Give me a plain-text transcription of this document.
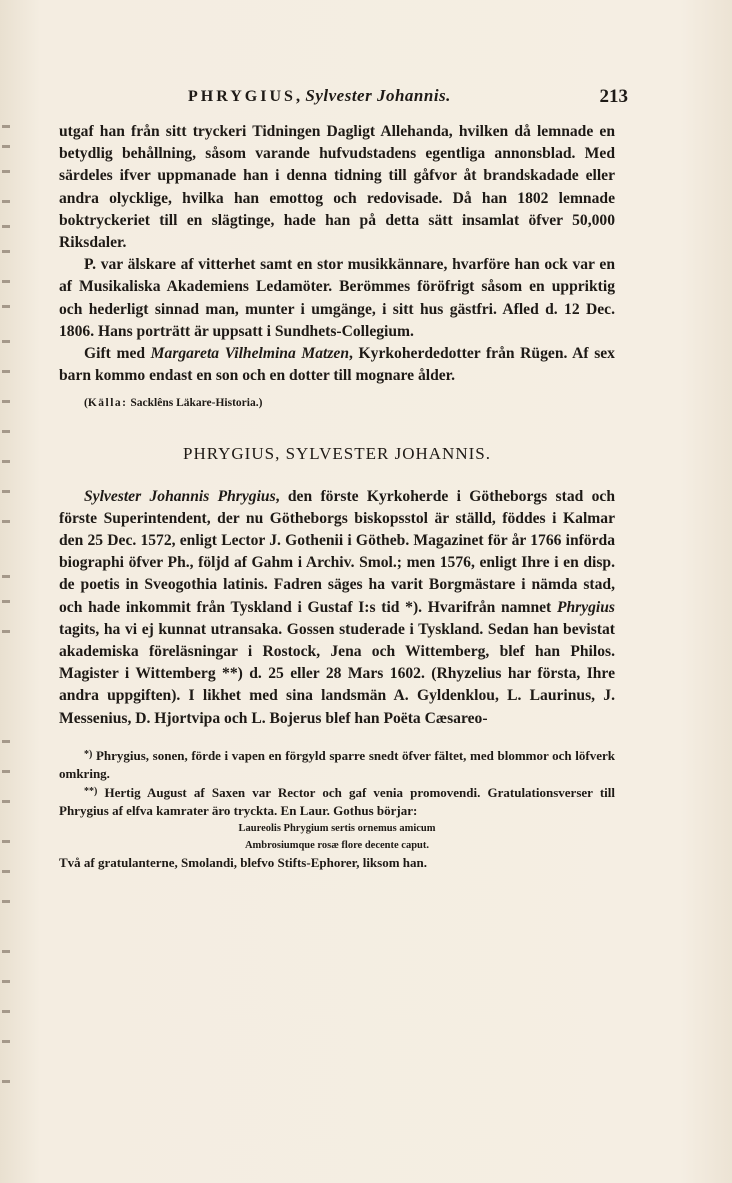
PHRYGIUS, Sylvester Johannis.	213

utgaf han från sitt tryckeri Tidningen Dagligt Allehanda, hvilken då lemnade en betydlig behållning, såsom varande hufvudstadens egentliga annonsblad. Med särdeles ifver uppmanade han i denna tidning till gåfvor åt brandskadade eller andra olycklige, hvilka han emottog och redovisade. Då han 1802 lemnade boktryckeriet till en slägtinge, hade han på detta sätt insamlat öfver 50,000 Riksdaler.

P. var älskare af vitterhet samt en stor musikkännare, hvarföre han ock var en af Musikaliska Akademiens Ledamöter. Berömmes föröfrigt såsom en uppriktig och hederligt sinnad man, munter i umgänge, i sitt hus gästfri. Afled d. 12 Dec. 1806. Hans porträtt är uppsatt i Sundhets-Collegium.

Gift med Margareta Vilhelmina Matzen, Kyrkoherdedotter från Rügen. Af sex barn kommo endast en son och en dotter till mognare ålder.

(Källa: Sacklêns Läkare-Historia.)

PHRYGIUS, SYLVESTER JOHANNIS.

Sylvester Johannis Phrygius, den förste Kyrkoherde i Götheborgs stad och förste Superintendent, der nu Götheborgs biskopsstol är ställd, föddes i Kalmar den 25 Dec. 1572, enligt Lector J. Gothenii i Götheb. Magazinet för år 1766 införda biographi öfver Ph., följd af Gahm i Archiv. Smol.; men 1576, enligt Ihre i en disp. de poetis in Sveogothia latinis. Fadren säges ha varit Borgmästare i nämda stad, och hade inkommit från Tyskland i Gustaf I:s tid *). Hvarifrån namnet Phrygius tagits, ha vi ej kunnat utransaka. Gossen studerade i Tyskland. Sedan han bevistat akademiska föreläsningar i Rostock, Jena och Wittemberg, blef han Philos. Magister i Wittemberg **) d. 25 eller 28 Mars 1602. (Rhyzelius har första, Ihre andra uppgiften). I likhet med sina landsmän A. Gyldenklou, L. Laurinus, J. Messenius, D. Hjortvipa och L. Bojerus blef han Poëta Cæsareo-

*) Phrygius, sonen, förde i vapen en förgyld sparre snedt öfver fältet, med blommor och löfverk omkring.

**) Hertig August af Saxen var Rector och gaf venia promovendi. Gratulationsverser till Phrygius af elfva kamrater äro tryckta. En Laur. Gothus börjar:

Laureolis Phrygium sertis ornemus amicum

Ambrosiumque rosæ flore decente caput.

Två af gratulanterne, Smolandi, blefvo Stifts-Ephorer, liksom han.
